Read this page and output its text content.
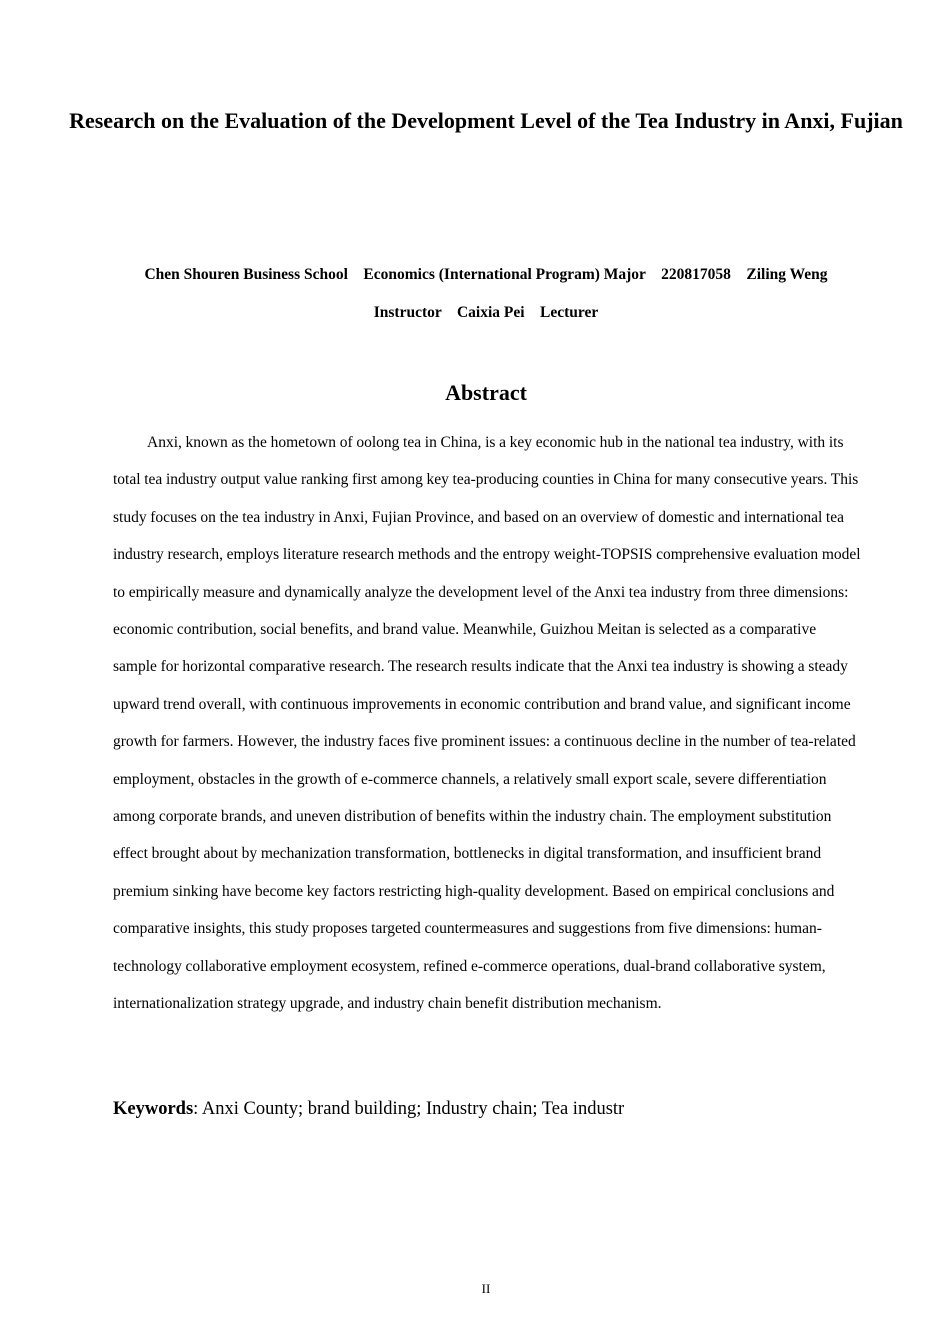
Research on the Evaluation of the Development Level of the Tea Industry in Anxi, Fujian
Chen Shouren Business School    Economics (International Program) Major    220817058    Ziling Weng
Instructor    Caixia Pei    Lecturer
Abstract

Anxi, known as the hometown of oolong tea in China, is a key economic hub in the national tea industry, with its total tea industry output value ranking first among key tea-producing counties in China for many consecutive years. This study focuses on the tea industry in Anxi, Fujian Province, and based on an overview of domestic and international tea industry research, employs literature research methods and the entropy weight-TOPSIS comprehensive evaluation model to empirically measure and dynamically analyze the development level of the Anxi tea industry from three dimensions: economic contribution, social benefits, and brand value. Meanwhile, Guizhou Meitan is selected as a comparative sample for horizontal comparative research. The research results indicate that the Anxi tea industry is showing a steady upward trend overall, with continuous improvements in economic contribution and brand value, and significant income growth for farmers. However, the industry faces five prominent issues: a continuous decline in the number of tea-related employment, obstacles in the growth of e-commerce channels, a relatively small export scale, severe differentiation among corporate brands, and uneven distribution of benefits within the industry chain. The employment substitution effect brought about by mechanization transformation, bottlenecks in digital transformation, and insufficient brand premium sinking have become key factors restricting high-quality development. Based on empirical conclusions and comparative insights, this study proposes targeted countermeasures and suggestions from five dimensions: human-technology collaborative employment ecosystem, refined e-commerce operations, dual-brand collaborative system, internationalization strategy upgrade, and industry chain benefit distribution mechanism.

Keywords: Anxi County; brand building; Industry chain; Tea industr
II
